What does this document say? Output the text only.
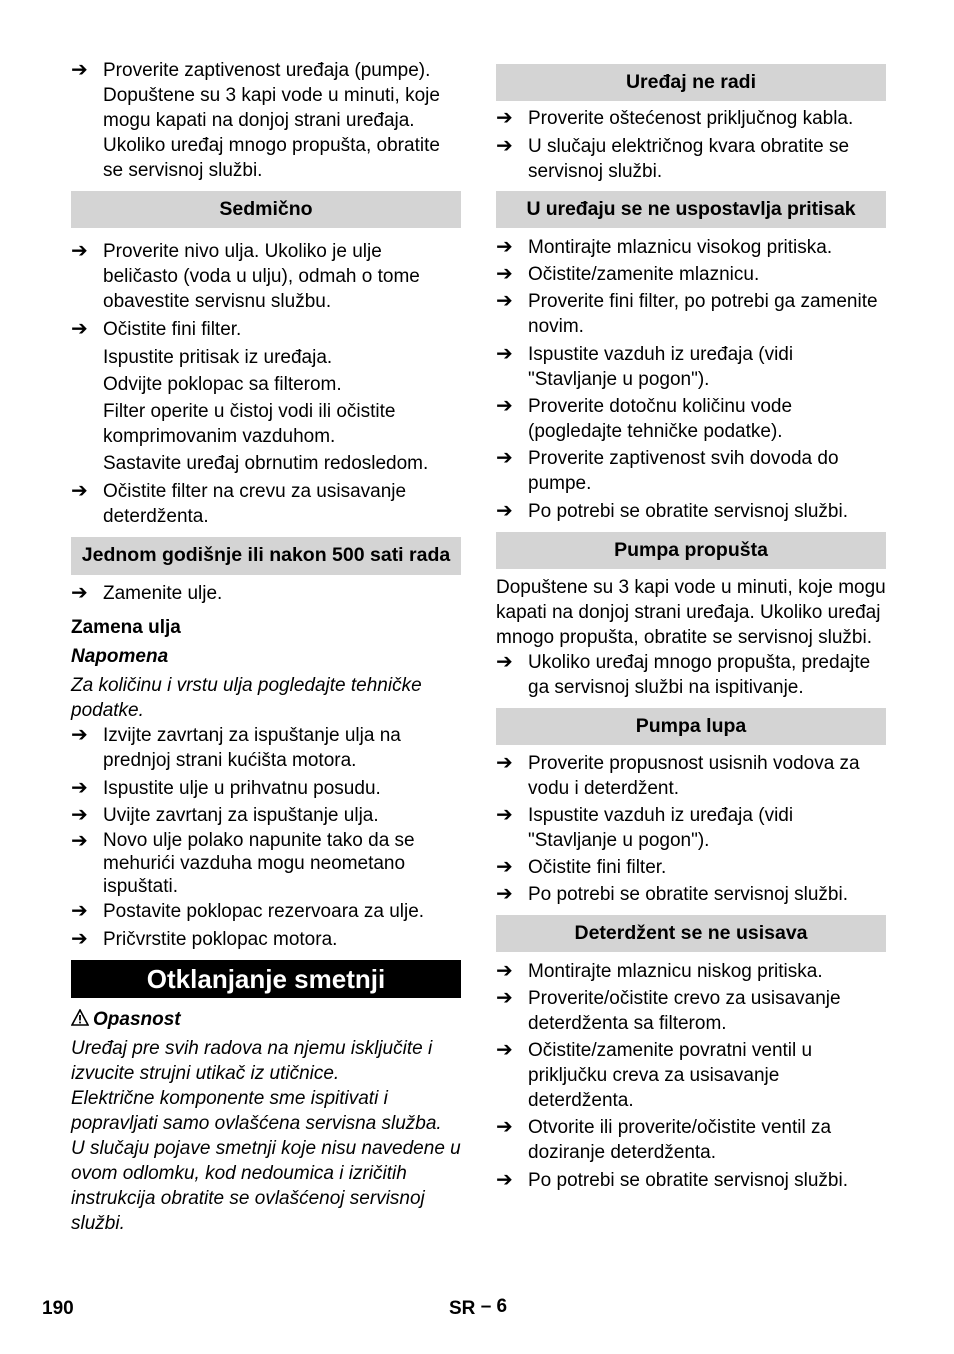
➔ Proverite zaptivenost uređaja (pumpe). Dopuštene su 3 kapi vode u minuti, koje mogu kapati na donjoj strani uređaja. Ukoliko uređaj mnogo propušta, obratite se servisnoj službi.
Sedmično
➔ Proverite nivo ulja. Ukoliko je ulje beličasto (voda u ulju), odmah o tome obavestite servisnu službu.
➔ Očistite fini filter.
Ispustite pritisak iz uređaja.
Odvijte poklopac sa filterom.
Filter operite u čistoj vodi ili očistite komprimovanim vazduhom.
Sastavite uređaj obrnutim redosledom.
➔ Očistite filter na crevu za usisavanje deterdženta.
Jednom godišnje ili nakon 500 sati rada
➔ Zamenite ulje.
Zamena ulja
Napomena
Za količinu i vrstu ulja pogledajte tehničke podatke.
➔ Izvijte zavrtanj za ispuštanje ulja na prednjoj strani kućišta motora.
➔ Ispustite ulje u prihvatnu posudu.
➔ Uvijte zavrtanj za ispuštanje ulja.
➔ Novo ulje polako napunite tako da se mehurići vazduha mogu neometano ispuštati.
➔ Postavite poklopac rezervoara za ulje.
➔ Pričvrstite poklopac motora.
Otklanjanje smetnji
Opasnost
Uređaj pre svih radova na njemu isključite i izvucite strujni utikač iz utičnice.
Električne komponente sme ispitivati i popravljati samo ovlašćena servisna služba.
U slučaju pojave smetnji koje nisu navedene u ovom odlomku, kod nedoumica i izričitih instrukcija obratite se ovlašćenoj servisnoj službi.
Uređaj ne radi
➔ Proverite oštećenost priključnog kabla.
➔ U slučaju električnog kvara obratite se servisnoj službi.
U uređaju se ne uspostavlja pritisak
➔ Montirajte mlaznicu visokog pritiska.
➔ Očistite/zamenite mlaznicu.
➔ Proverite fini filter, po potrebi ga zamenite novim.
➔ Ispustite vazduh iz uređaja (vidi "Stavljanje u pogon").
➔ Proverite dotočnu količinu vode (pogledajte tehničke podatke).
➔ Proverite zaptivenost svih dovoda do pumpe.
➔ Po potrebi se obratite servisnoj službi.
Pumpa propušta
Dopuštene su 3 kapi vode u minuti, koje mogu kapati na donjoj strani uređaja. Ukoliko uređaj mnogo propušta, obratite se servisnoj službi.
➔ Ukoliko uređaj mnogo propušta, predajte ga servisnoj službi na ispitivanje.
Pumpa lupa
➔ Proverite propusnost usisnih vodova za vodu i deterdžent.
➔ Ispustite vazduh iz uređaja (vidi "Stavljanje u pogon").
➔ Očistite fini filter.
➔ Po potrebi se obratite servisnoj službi.
Deterdžent se ne usisava
➔ Montirajte mlaznicu niskog pritiska.
➔ Proverite/očistite crevo za usisavanje deterdženta sa filterom.
➔ Očistite/zamenite povratni ventil u priključku creva za usisavanje deterdženta.
➔ Otvorite ili proverite/očistite ventil za doziranje deterdženta.
➔ Po potrebi se obratite servisnoj službi.
190	SR – 6
